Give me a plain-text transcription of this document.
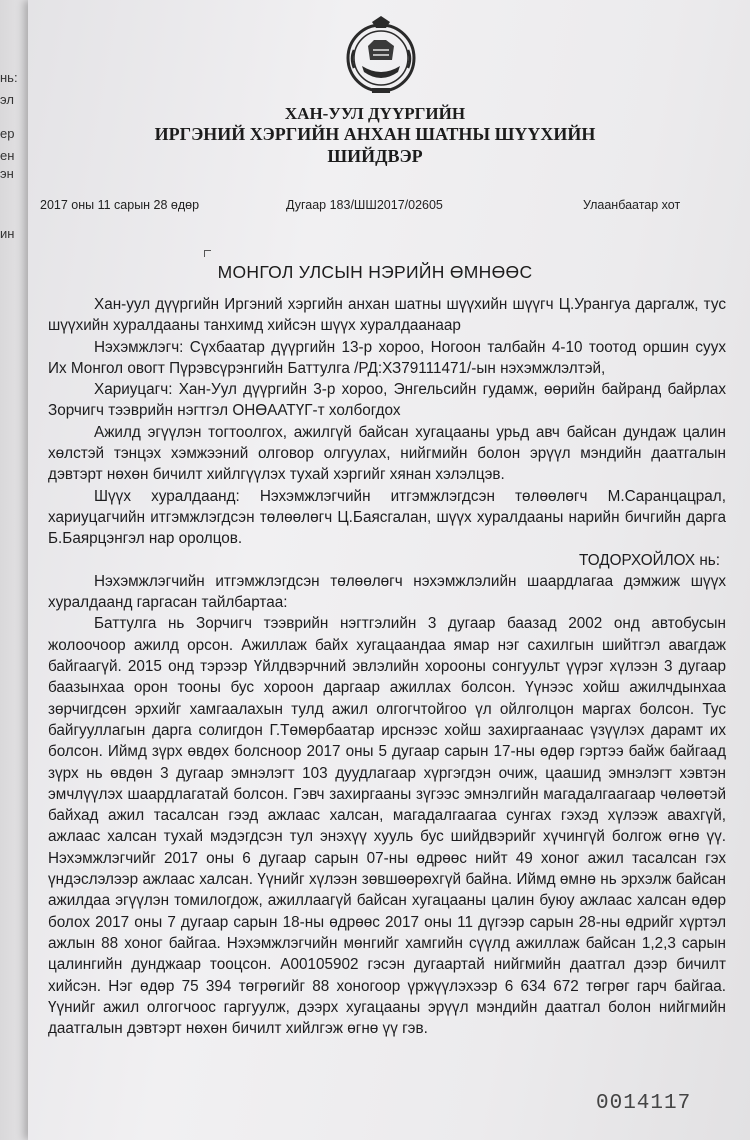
нь:
эл
ер
ен
эн
ин
ХАН-УУЛ ДҮҮРГИЙН
ИРГЭНИЙ ХЭРГИЙН АНХАН ШАТНЫ ШҮҮХИЙН
ШИЙДВЭР
2017 оны 11 сарын 28 өдөр	Дугаар 183/ШШ2017/02605	Улаанбаатар хот
МОНГОЛ УЛСЫН НЭРИЙН ӨМНӨӨС

Хан-уул дүүргийн Иргэний хэргийн анхан шатны шүүхийн шүүгч Ц.Урангуа даргалж, тус шүүхийн хуралдааны танхимд хийсэн шүүх хуралдаанаар

Нэхэмжлэгч: Сүхбаатар дүүргийн 13-р хороо, Ногоон талбайн 4-10 тоотод оршин суух Их Монгол овогт Пүрэвсүрэнгийн Баттулга /РД:ХЗ79111471/-ын нэхэмжлэлтэй,

Хариуцагч: Хан-Уул дүүргийн 3-р хороо, Энгельсийн гудамж, өөрийн байранд байрлах Зорчигч тээврийн нэгтгэл ОНӨААТҮГ-т холбогдох

Ажилд эгүүлэн тогтоолгох, ажилгүй байсан хугацааны урьд авч байсан дундаж цалин хөлстэй тэнцэх хэмжээний олговор олгуулах, нийгмийн болон эрүүл мэндийн даатгалын дэвтэрт нөхөн бичилт хийлгүүлэх тухай хэргийг хянан хэлэлцэв.

Шүүх хуралдаанд: Нэхэмжлэгчийн итгэмжлэгдсэн төлөөлөгч М.Саранцацрал, хариуцагчийн итгэмжлэгдсэн төлөөлөгч Ц.Баясгалан, шүүх хуралдааны нарийн бичгийн дарга Б.Баярцэнгэл нар оролцов.

ТОДОРХОЙЛОХ нь:

Нэхэмжлэгчийн итгэмжлэгдсэн төлөөлөгч нэхэмжлэлийн шаардлагаа дэмжиж шүүх хуралдаанд гаргасан тайлбартаа:

Баттулга нь Зорчигч тээврийн нэгтгэлийн 3 дугаар баазад 2002 онд автобусын жолоочоор ажилд орсон. Ажиллаж байх хугацаандаа ямар нэг сахилгын шийтгэл авагдаж байгаагүй. 2015 онд тэрээр Үйлдвэрчний эвлэлийн хорооны сонгуульт үүрэг хүлээн 3 дугаар баазынхаа орон тооны бус хороон даргаар ажиллах болсон. Үүнээс хойш ажилчдынхаа зөрчигдсөн эрхийг хамгаалахын тулд ажил олгогчтойгоо үл ойлголцон маргах болсон. Тус байгууллагын дарга солигдон Г.Төмөрбаатар ирснээс хойш захиргаанаас үзүүлэх дарамт их болсон. Иймд зүрх өвдөх болсноор 2017 оны 5 дугаар сарын 17-ны өдөр гэртээ байж байгаад зүрх нь өвдөн 3 дугаар эмнэлэгт 103 дуудлагаар хүргэгдэн очиж, цаашид эмнэлэгт хэвтэн эмчлүүлэх шаардлагатай болсон. Гэвч захиргааны зүгээс эмнэлгийн магадалгаагаар чөлөөтэй байхад ажил тасалсан гээд ажлаас халсан, магадалгаагаа сунгах гэхэд хүлээж авахгүй, ажлаас халсан тухай мэдэгдсэн тул энэхүү хууль бус шийдвэрийг хүчингүй болгож өгнө үү. Нэхэмжлэгчийг 2017 оны 6 дугаар сарын 07-ны өдрөөс нийт 49 хоног ажил тасалсан гэх үндэслэлээр ажлаас халсан. Үүнийг хүлээн зөвшөөрөхгүй байна. Иймд өмнө нь эрхэлж байсан ажилдаа эгүүлэн томилогдож, ажиллаагүй байсан хугацааны цалин буюу ажлаас халсан өдөр болох 2017 оны 7 дугаар сарын 18-ны өдрөөс 2017 оны 11 дүгээр сарын 28-ны өдрийг хүртэл ажлын 88 хоног байгаа. Нэхэмжлэгчийн мөнгийг хамгийн сүүлд ажиллаж байсан 1,2,3 сарын цалингийн дунджаар тооцсон. А00105902 гэсэн дугаартай нийгмийн даатгал дээр бичилт хийсэн. Нэг өдөр 75 394 төгрөгийг 88 хоногоор үржүүлэхээр 6 634 672 төгрөг гарч байгаа. Үүнийг ажил олгогчоос гаргуулж, дээрх хугацааны эрүүл мэндийн даатгал болон нийгмийн даатгалын дэвтэрт нөхөн бичилт хийлгэж өгнө үү гэв.

0014117
